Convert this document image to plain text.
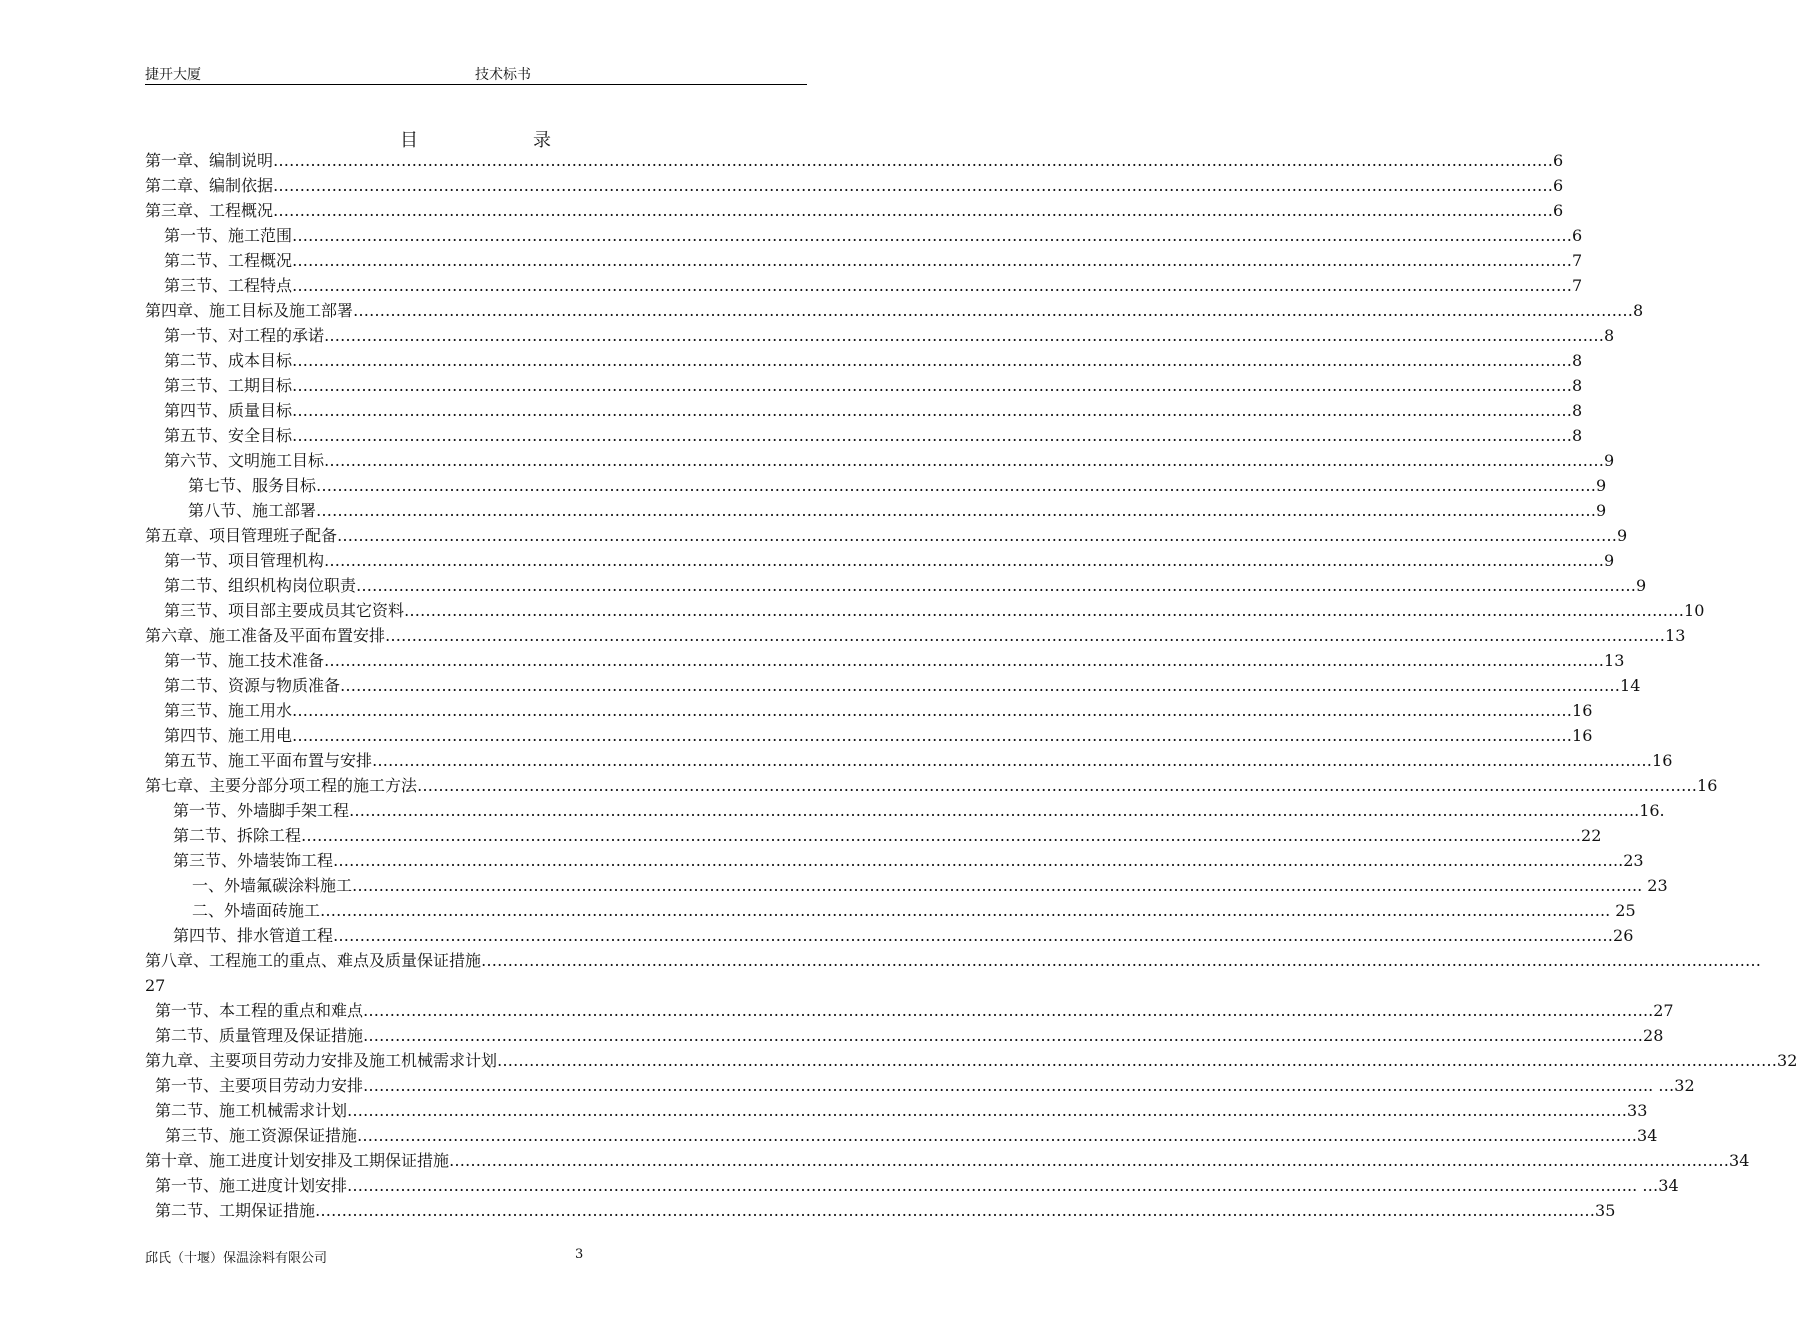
捷开大厦	技术标书
目	录
第一章、编制说明 …………………………………………………………………………………………………………………………………………………………………………………………………………………… 6
第二章、编制依据 …………………………………………………………………………………………………………………………………………………………………………………………………………………… 6
第三章、工程概况 …………………………………………………………………………………………………………………………………………………………………………………………………………………… 6
第一节、施工范围 …………………………………………………………………………………………………………………………………………………………………………………………………………………… 6
第二节、工程概况 …………………………………………………………………………………………………………………………………………………………………………………………………………………… 7
第三节、工程特点 …………………………………………………………………………………………………………………………………………………………………………………………………………………… 7
第四章、施工目标及施工部署 …………………………………………………………………………………………………………………………………………………………………………………………………………………… 8
第一节、对工程的承诺 …………………………………………………………………………………………………………………………………………………………………………………………………………………… 8
第二节、成本目标 …………………………………………………………………………………………………………………………………………………………………………………………………………………… 8
第三节、工期目标 …………………………………………………………………………………………………………………………………………………………………………………………………………………… 8
第四节、质量目标 …………………………………………………………………………………………………………………………………………………………………………………………………………………… 8
第五节、安全目标 …………………………………………………………………………………………………………………………………………………………………………………………………………………… 8
第六节、文明施工目标 …………………………………………………………………………………………………………………………………………………………………………………………………………………… 9
第七节、服务目标 …………………………………………………………………………………………………………………………………………………………………………………………………………………… 9
第八节、施工部署 …………………………………………………………………………………………………………………………………………………………………………………………………………………… 9
第五章、项目管理班子配备 …………………………………………………………………………………………………………………………………………………………………………………………………………………… 9
第一节、项目管理机构 …………………………………………………………………………………………………………………………………………………………………………………………………………………… 9
第二节、组织机构岗位职责 …………………………………………………………………………………………………………………………………………………………………………………………………………………… 9
第三节、项目部主要成员其它资料 …………………………………………………………………………………………………………………………………………………………………………………………………………………… 10
第六章、施工准备及平面布置安排 …………………………………………………………………………………………………………………………………………………………………………………………………………………… 13
第一节、施工技术准备 …………………………………………………………………………………………………………………………………………………………………………………………………………………… 13
第二节、资源与物质准备 …………………………………………………………………………………………………………………………………………………………………………………………………………………… 14
第三节、施工用水 …………………………………………………………………………………………………………………………………………………………………………………………………………………… 16
第四节、施工用电 …………………………………………………………………………………………………………………………………………………………………………………………………………………… 16
第五节、施工平面布置与安排 …………………………………………………………………………………………………………………………………………………………………………………………………………………… 16
第七章、主要分部分项工程的施工方法 …………………………………………………………………………………………………………………………………………………………………………………………………………………… 16
第一节、外墙脚手架工程 …………………………………………………………………………………………………………………………………………………………………………………………………………………… ..16.
第二节、拆除工程 …………………………………………………………………………………………………………………………………………………………………………………………………………………… 22
第三节、外墙装饰工程 …………………………………………………………………………………………………………………………………………………………………………………………………………………… ..23
一、外墙氟碳涂料施工 …………………………………………………………………………………………………………………………………………………………………………………………………………………… .. 23
二、外墙面砖施工 …………………………………………………………………………………………………………………………………………………………………………………………………………………… .. 25
第四节、排水管道工程 …………………………………………………………………………………………………………………………………………………………………………………………………………………… 26
第八章、工程施工的重点、难点及质量保证措施 ……………………………………………………………………………………………………………………………………………………………………………………………………………………
27
第一节、本工程的重点和难点 …………………………………………………………………………………………………………………………………………………………………………………………………………………… ..27
第二节、质量管理及保证措施 …………………………………………………………………………………………………………………………………………………………………………………………………………………… 28
第九章、主要项目劳动力安排及施工机械需求计划 …………………………………………………………………………………………………………………………………………………………………………………………………………………… 32
第一节、主要项目劳动力安排 …………………………………………………………………………………………………………………………………………………………………………………………………………………… .. …32
第二节、施工机械需求计划 …………………………………………………………………………………………………………………………………………………………………………………………………………………… 33
第三节、施工资源保证措施 …………………………………………………………………………………………………………………………………………………………………………………………………………………… 34
第十章、施工进度计划安排及工期保证措施 …………………………………………………………………………………………………………………………………………………………………………………………………………………… 34
第一节、施工进度计划安排 …………………………………………………………………………………………………………………………………………………………………………………………………………………… .. …34
第二节、工期保证措施 …………………………………………………………………………………………………………………………………………………………………………………………………………………… 35
邱氏（十堰）保温涂料有限公司	3
